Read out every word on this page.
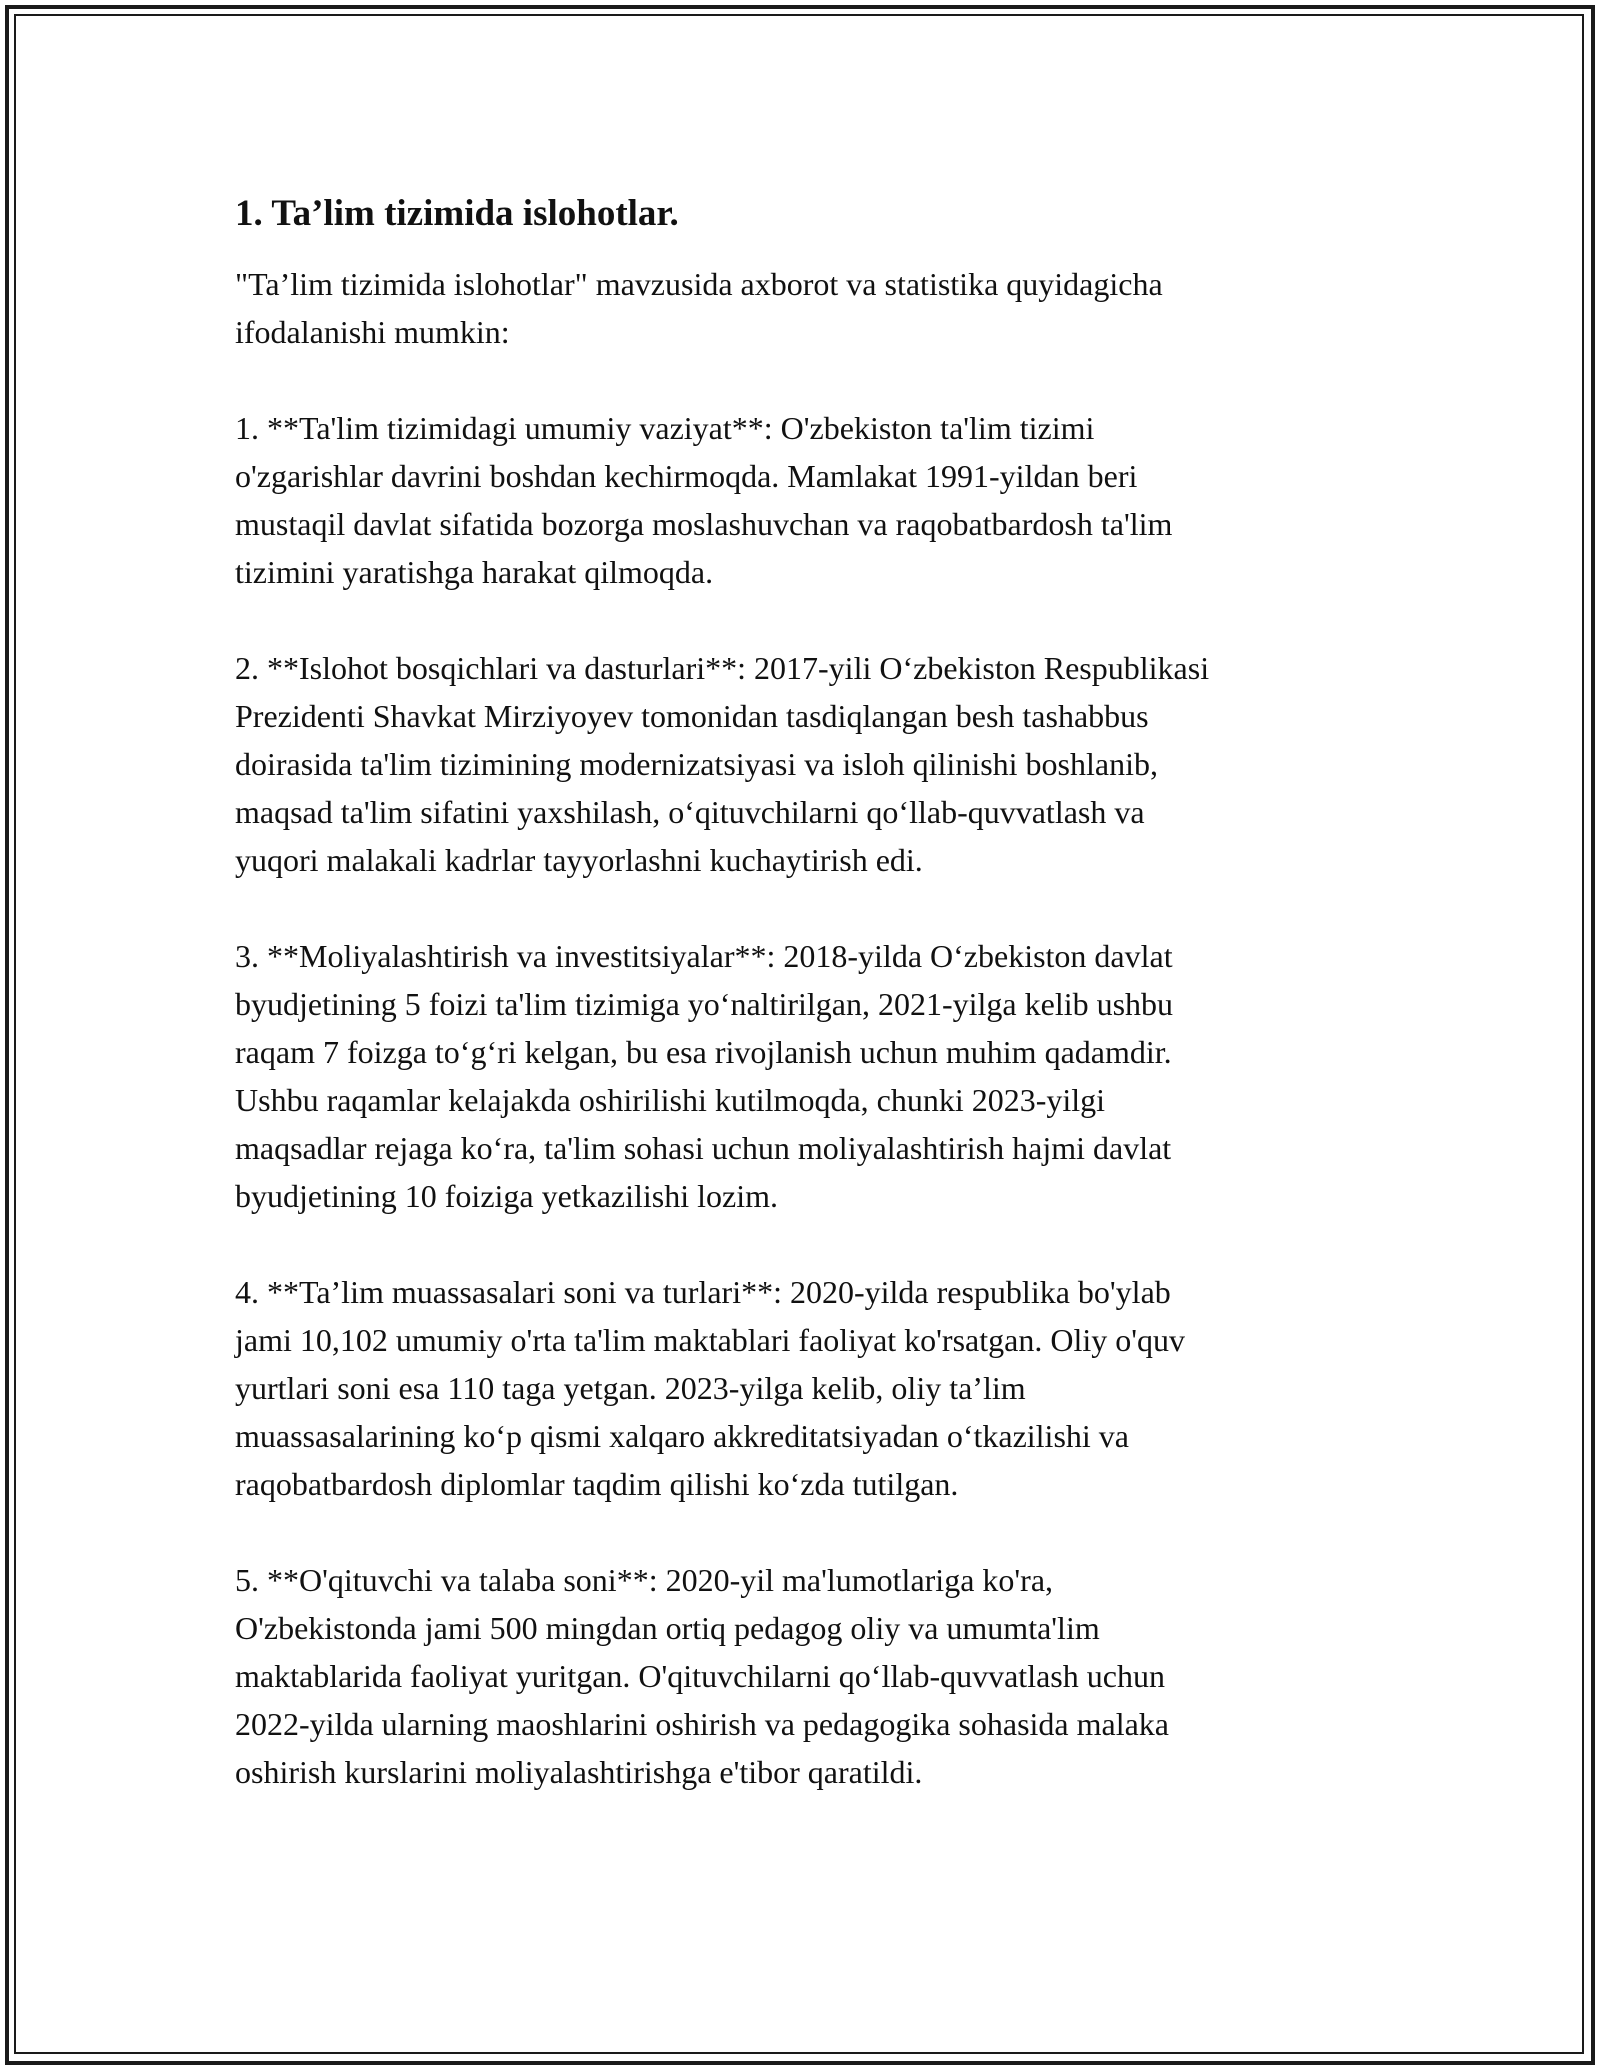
1. Ta’lim tizimida islohotlar.

"Ta’lim tizimida islohotlar" mavzusida axborot va statistika quyidagicha
ifodalanishi mumkin:

1. **Ta'lim tizimidagi umumiy vaziyat**: O'zbekiston ta'lim tizimi
o'zgarishlar davrini boshdan kechirmoqda. Mamlakat 1991-yildan beri
mustaqil davlat sifatida bozorga moslashuvchan va raqobatbardosh ta'lim
tizimini yaratishga harakat qilmoqda.

2. **Islohot bosqichlari va dasturlari**: 2017-yili O‘zbekiston Respublikasi
Prezidenti Shavkat Mirziyoyev tomonidan tasdiqlangan besh tashabbus
doirasida ta'lim tizimining modernizatsiyasi va isloh qilinishi boshlanib,
maqsad ta'lim sifatini yaxshilash, o‘qituvchilarni qo‘llab-quvvatlash va
yuqori malakali kadrlar tayyorlashni kuchaytirish edi.

3. **Moliyalashtirish va investitsiyalar**: 2018-yilda O‘zbekiston davlat
byudjetining 5 foizi ta'lim tizimiga yo‘naltirilgan, 2021-yilga kelib ushbu
raqam 7 foizga to‘g‘ri kelgan, bu esa rivojlanish uchun muhim qadamdir.
Ushbu raqamlar kelajakda oshirilishi kutilmoqda, chunki 2023-yilgi
maqsadlar rejaga ko‘ra, ta'lim sohasi uchun moliyalashtirish hajmi davlat
byudjetining 10 foiziga yetkazilishi lozim.

4. **Ta’lim muassasalari soni va turlari**: 2020-yilda respublika bo'ylab
jami 10,102 umumiy o'rta ta'lim maktablari faoliyat ko'rsatgan. Oliy o'quv
yurtlari soni esa 110 taga yetgan. 2023-yilga kelib, oliy ta’lim
muassasalarining ko‘p qismi xalqaro akkreditatsiyadan o‘tkazilishi va
raqobatbardosh diplomlar taqdim qilishi ko‘zda tutilgan.

5. **O'qituvchi va talaba soni**: 2020-yil ma'lumotlariga ko'ra,
O'zbekistonda jami 500 mingdan ortiq pedagog oliy va umumta'lim
maktablarida faoliyat yuritgan. O'qituvchilarni qo‘llab-quvvatlash uchun
2022-yilda ularning maoshlarini oshirish va pedagogika sohasida malaka
oshirish kurslarini moliyalashtirishga e'tibor qaratildi.
